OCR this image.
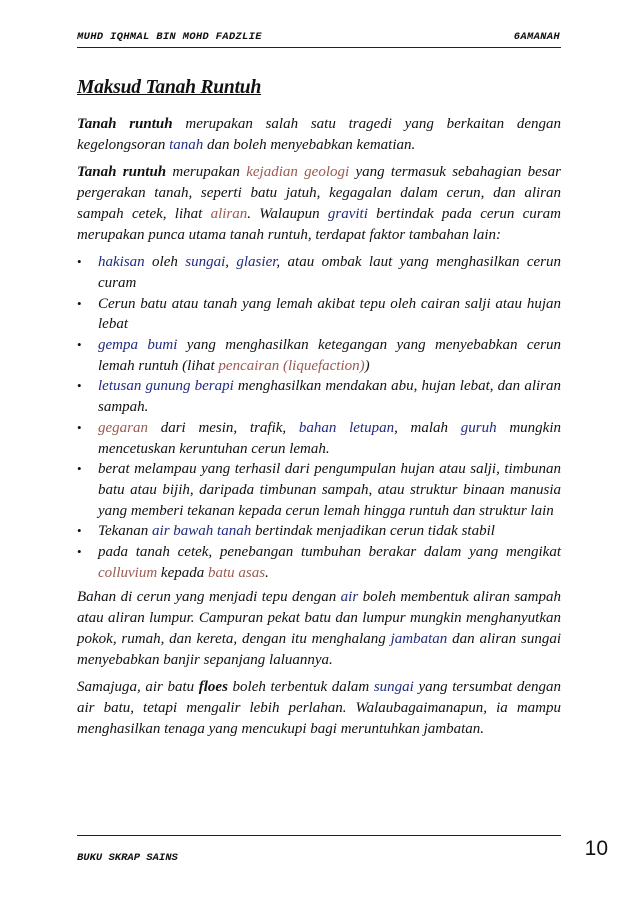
MUHD IQHMAL BIN MOHD FADZLIE	6AMANAH
Maksud Tanah Runtuh

Tanah runtuh merupakan salah satu tragedi yang berkaitan dengan kegelongsoran tanah dan boleh menyebabkan kematian.

Tanah runtuh merupakan kejadian geologi yang termasuk sebahagian besar pergerakan tanah, seperti batu jatuh, kegagalan dalam cerun, dan aliran sampah cetek, lihat aliran. Walaupun graviti bertindak pada cerun curam merupakan punca utama tanah runtuh, terdapat faktor tambahan lain:

• hakisan oleh sungai, glasier, atau ombak laut yang menghasilkan cerun curam
• Cerun batu atau tanah yang lemah akibat tepu oleh cairan salji atau hujan lebat
• gempa bumi yang menghasilkan ketegangan yang menyebabkan cerun lemah runtuh (lihat pencairan (liquefaction))
• letusan gunung berapi menghasilkan mendakan abu, hujan lebat, dan aliran sampah.
• gegaran dari mesin, trafik, bahan letupan, malah guruh mungkin mencetuskan keruntuhan cerun lemah.
• berat melampau yang terhasil dari pengumpulan hujan atau salji, timbunan batu atau bijih, daripada timbunan sampah, atau struktur binaan manusia yang memberi tekanan kepada cerun lemah hingga runtuh dan struktur lain
• Tekanan air bawah tanah bertindak menjadikan cerun tidak stabil
• pada tanah cetek, penebangan tumbuhan berakar dalam yang mengikat colluvium kepada batu asas.

Bahan di cerun yang menjadi tepu dengan air boleh membentuk aliran sampah atau aliran lumpur. Campuran pekat batu dan lumpur mungkin menghanyutkan pokok, rumah, dan kereta, dengan itu menghalang jambatan dan aliran sungai menyebabkan banjir sepanjang laluannya.

Samajuga, air batu floes boleh terbentuk dalam sungai yang tersumbat dengan air batu, tetapi mengalir lebih perlahan. Walaubagaimanapun, ia mampu menghasilkan tenaga yang mencukupi bagi meruntuhkan jambatan.

BUKU SKRAP SAINS	10
